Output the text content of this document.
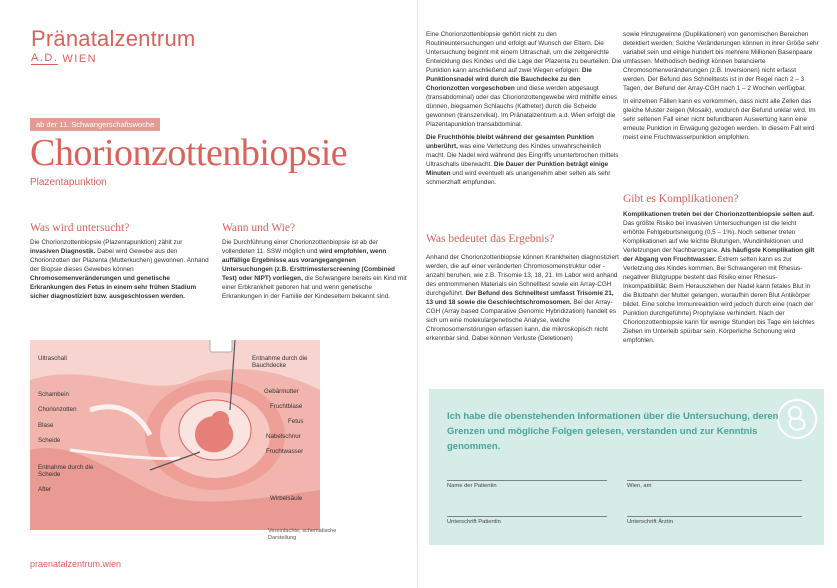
Pränatalzentrum
A.D. WIEN
ab der 11. Schwangerschaftswoche
Chorionzottenbiopsie
Plazentapunktion
Was wird untersucht?

Die Chorionzottenbiopsie (Plazentapunktion) zählt zur invasiven Diagnostik. Dabei wird Gewebe aus den Chorionzotten der Plazenta (Mutterkuchen) gewonnen. Anhand der Biopsie dieses Gewebes können Chromosomenveränderungen und genetische Erkrankungen des Fetus in einem sehr frühen Stadium sicher diagnostiziert bzw. ausgeschlossen werden.

Wann und Wie?

Die Durchführung einer Chorionzottenbiopsie ist ab der vollendeten 11. SSW möglich und wird empfohlen, wenn auffällige Ergebnisse aus vorangegangenen Untersuchungen (z.B. Ersttrimesterscreening (Combined Test) oder NIPT) vorliegen, die Schwangere bereits ein Kind mit einer Erbkrankheit geboren hat und wenn genetische Erkrankungen in der Familie der Kindeseltern bekannt sind.

Ultraschall	Entnahme durch die Bauchdecke
Schambein	Gebärmutter
Chorionzotten	Fruchtblase
Blase
Fetus
Scheide
Nabelschnur
Fruchtwasser
Entnahme durch die Scheide
After
Wirbelsäule
Vereinfachte, schematische Darstellung
praenatalzentrum.wien

Eine Chorionzottenbiopsie gehört nicht zu den Routineuntersuchungen und erfolgt auf Wunsch der Eltern. Die Untersuchung beginnt mit einem Ultraschall, um die zeitgerechte Entwicklung des Kindes und die Lage der Plazenta zu beurteilen. Die Punktion kann anschließend auf zwei Wegen erfolgen: Die Punktionsnadel wird durch die Bauchdecke zu den Chorionzotten vorgeschoben und diese werden abgesaugt (transabdominal) oder das Chorionzottengewebe wird mithilfe eines dünnen, biegsamen Schlauchs (Katheter) durch die Scheide gewonnen (transzervikal). Im Pränatalzentrum a.d. Wien erfolgt die Plazentapunktion transabdominal.

Die Fruchthöhle bleibt während der gesamten Punktion unberührt, was eine Verletzung des Kindes unwahrscheinlich macht. Die Nadel wird während des Eingriffs ununterbrochen mittels Ultraschalls überwacht. Die Dauer der Punktion beträgt einige Minuten und wird eventuell als unangenehm aber selten als sehr schmerzhaft empfunden.

Was bedeutet das Ergebnis?

Anhand der Chorionzottenbiopsie können Krankheiten diagnostiziert werden, die auf einer veränderten Chromosomenstruktur oder -anzahl beruhen, wie z.B. Trisomie 13, 18, 21. Im Labor wird anhand des entnommenen Materials ein Schnelltest sowie ein Array-CGH durchgeführt. Der Befund des Schnelltest umfasst Trisomie 21, 13 und 18 sowie die Geschlechtschromosomen. Bei der Array-CGH (Array based Comparative Genomic Hybridization) handelt es sich um eine molekulargenetische Analyse, welche Chromosomenstörungen erfassen kann, die mikroskopisch nicht erkennbar sind. Dabei können Verluste (Deletionen)

sowie Hinzugewinne (Duplikationen) von genomischen Bereichen detektiert werden. Solche Veränderungen können in ihrer Größe sehr variabel sein und einige hundert bis mehrere Millionen Basenpaare umfassen. Methodisch bedingt können balancierte Chromosomenveränderungen (z.B. Inversionen) nicht erfasst werden. Der Befund des Schnelltests ist in der Regel nach 2 – 3 Tagen, der Befund der Array-CGH nach 1 – 2 Wochen verfügbar.

In einzelnen Fällen kann es vorkommen, dass nicht alle Zellen das gleiche Muster zeigen (Mosaik), wodurch der Befund unklar wird. Im sehr seltenen Fall einer nicht befundbaren Auswertung kann eine erneute Punktion in Erwägung gezogen werden. In diesem Fall wird meist eine Fruchtwasserpunktion empfohlen.

Gibt es Komplikationen?

Komplikationen treten bei der Chorionzottenbiopsie selten auf. Das größte Risiko bei invasiven Untersuchungen ist die leicht erhöhte Fehlgeburtsneigung (0,5 – 1%). Noch seltener treten Komplikationen auf wie leichte Blutungen, Wundinfektionen und Verletzungen der Nachbarorgane. Als häufigste Komplikation gilt der Abgang von Fruchtwasser. Extrem selten kann es zur Verletzung des Kindes kommen. Bei Schwangeren mit Rhesus-negativer Blutgruppe besteht das Risiko einer Rhesus-Inkompatibilität: Beim Herausziehen der Nadel kann fetales Blut in die Blutbahn der Mutter gelangen, woraufhin deren Blut Antikörper bildet. Eine solche Immunreaktion wird jedoch durch eine (nach der Punktion durchgeführte) Prophylaxe verhindert. Nach der Chorionzottenbiopsie kann für wenige Stunden bis Tage ein leichtes Ziehen im Unterleib spürbar sein. Körperliche Schonung wird empfohlen.

Ich habe die obenstehenden Informationen über die Untersuchung, deren Grenzen und mögliche Folgen gelesen, verstanden und zur Kenntnis genommen.
Name der Patientin	Wien, am
Unterschrift Patientin	Unterschrift Ärztin
